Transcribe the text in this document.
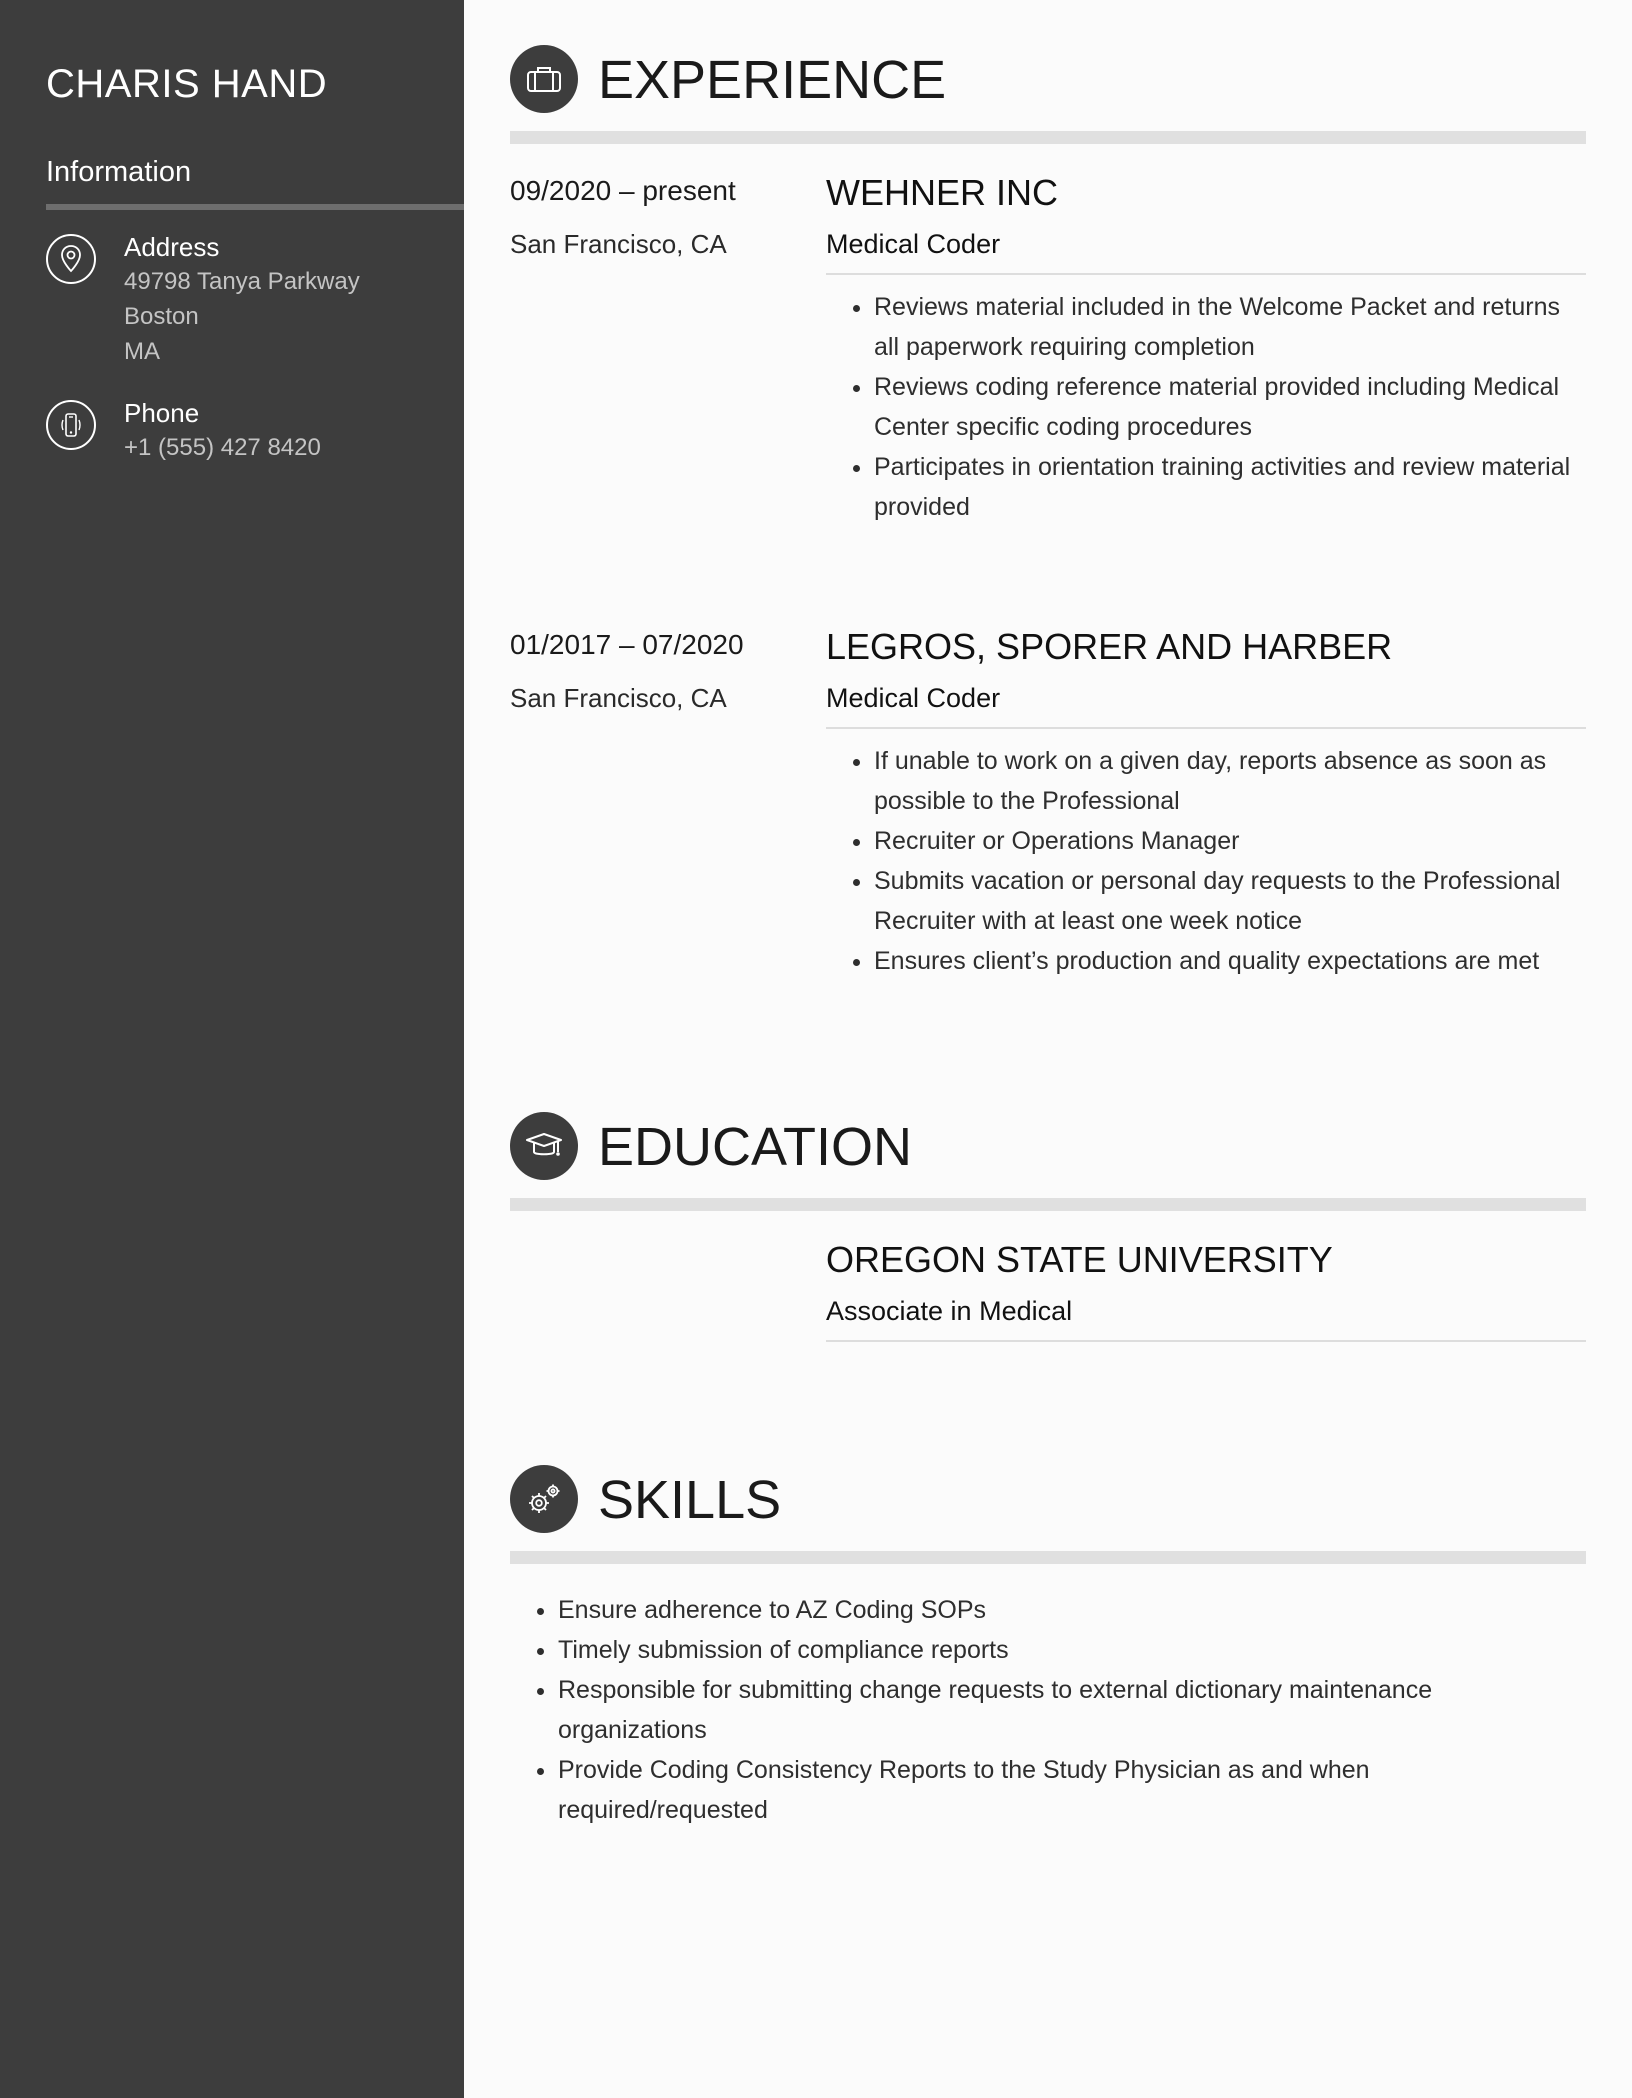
CHARIS HAND
Information
Address
49798 Tanya Parkway
Boston
MA
Phone
+1 (555) 427 8420
EXPERIENCE
09/2020 – present
San Francisco, CA
WEHNER INC
Medical Coder
• Reviews material included in the Welcome Packet and returns all paperwork requiring completion
• Reviews coding reference material provided including Medical Center specific coding procedures
• Participates in orientation training activities and review material provided
01/2017 – 07/2020
San Francisco, CA
LEGROS, SPORER AND HARBER
Medical Coder
• If unable to work on a given day, reports absence as soon as possible to the Professional
• Recruiter or Operations Manager
• Submits vacation or personal day requests to the Professional Recruiter with at least one week notice
• Ensures client’s production and quality expectations are met
EDUCATION
OREGON STATE UNIVERSITY
Associate in Medical
SKILLS
• Ensure adherence to AZ Coding SOPs
• Timely submission of compliance reports
• Responsible for submitting change requests to external dictionary maintenance organizations
• Provide Coding Consistency Reports to the Study Physician as and when required/requested
